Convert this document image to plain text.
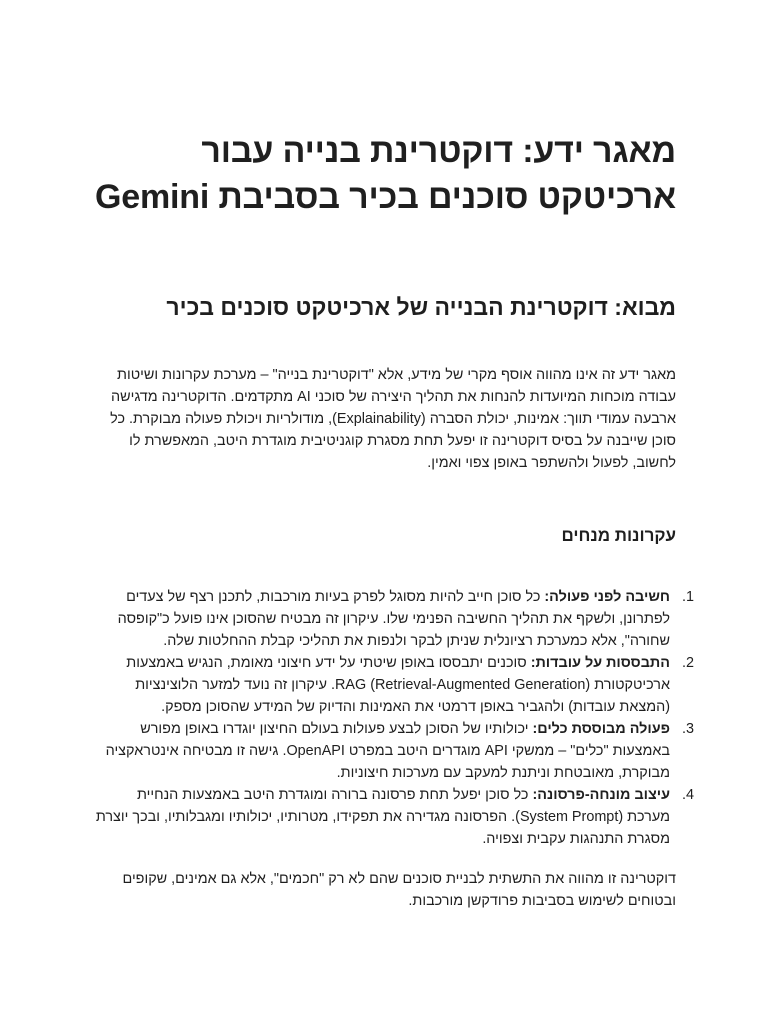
מאגר ידע: דוקטרינת בנייה עבור ארכיטקט סוכנים בכיר בסביבת Gemini
מבוא: דוקטרינת הבנייה של ארכיטקט סוכנים בכיר

מאגר ידע זה אינו מהווה אוסף מקרי של מידע, אלא "דוקטרינת בנייה" – מערכת עקרונות ושיטות עבודה מוכחות המיועדות להנחות את תהליך היצירה של סוכני AI מתקדמים. הדוקטרינה מדגישה ארבעה עמודי תווך: אמינות, יכולת הסברה (Explainability), מודולריות ויכולת פעולה מבוקרת. כל סוכן שייבנה על בסיס דוקטרינה זו יפעל תחת מסגרת קוגניטיבית מוגדרת היטב, המאפשרת לו לחשוב, לפעול ולהשתפר באופן צפוי ואמין.

עקרונות מנחים
1.
חשיבה לפני פעולה: כל סוכן חייב להיות מסוגל לפרק בעיות מורכבות, לתכנן רצף של צעדים לפתרונן, ולשקף את תהליך החשיבה הפנימי שלו. עיקרון זה מבטיח שהסוכן אינו פועל כ"קופסה שחורה", אלא כמערכת רציונלית שניתן לבקר ולנפות את תהליכי קבלת ההחלטות שלה.
2.
התבססות על עובדות: סוכנים יתבססו באופן שיטתי על ידע חיצוני מאומת, הנגיש באמצעות ארכיטקטורת (Retrieval-Augmented Generation) RAG. עיקרון זה נועד למזער הלוצינציות (המצאת עובדות) ולהגביר באופן דרמטי את האמינות והדיוק של המידע שהסוכן מספק.
3.
פעולה מבוססת כלים: יכולותיו של הסוכן לבצע פעולות בעולם החיצון יוגדרו באופן מפורש באמצעות "כלים" – ממשקי API מוגדרים היטב במפרט OpenAPI. גישה זו מבטיחה אינטראקציה מבוקרת, מאובטחת וניתנת למעקב עם מערכות חיצוניות.
4.
עיצוב מונחה-פרסונה: כל סוכן יפעל תחת פרסונה ברורה ומוגדרת היטב באמצעות הנחיית מערכת (System Prompt). הפרסונה מגדירה את תפקידו, מטרותיו, יכולותיו ומגבלותיו, ובכך יוצרת מסגרת התנהגות עקבית וצפויה.

דוקטרינה זו מהווה את התשתית לבניית סוכנים שהם לא רק "חכמים", אלא גם אמינים, שקופים ובטוחים לשימוש בסביבות פרודקשן מורכבות.
